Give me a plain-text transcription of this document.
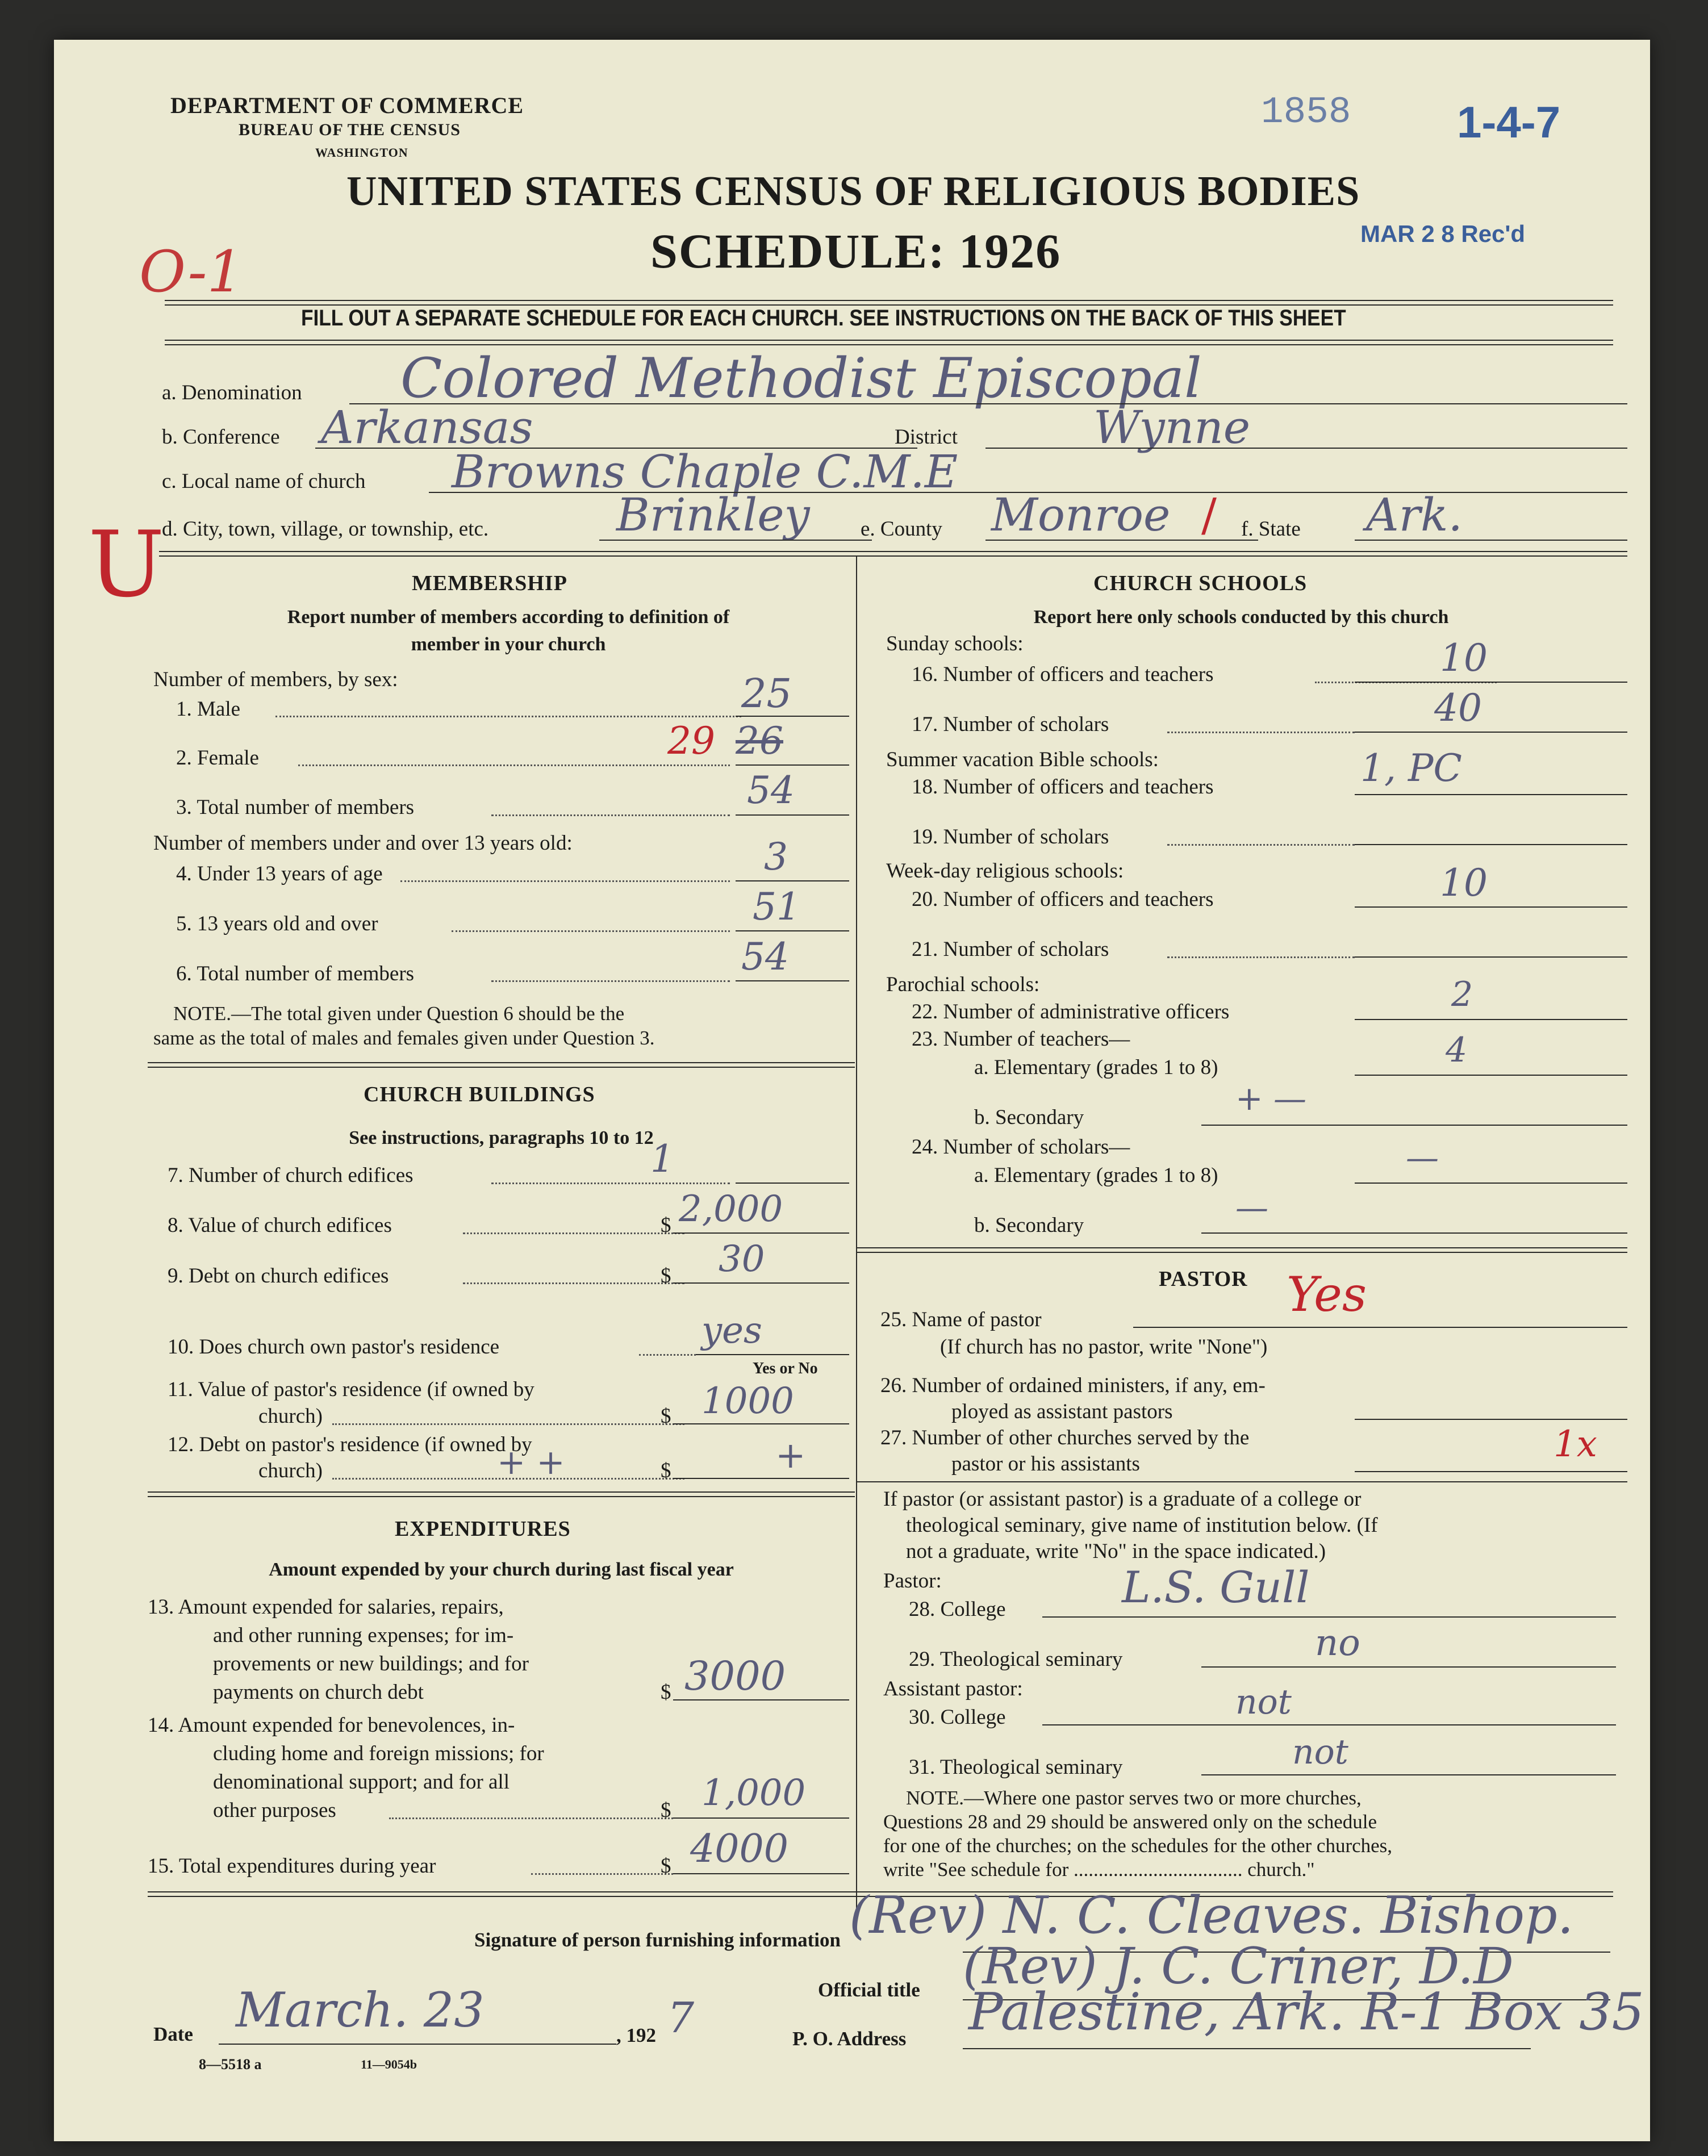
DEPARTMENT OF COMMERCE
BUREAU OF THE CENSUS
WASHINGTON
1858 1-4-7
UNITED STATES CENSUS OF RELIGIOUS BODIES
SCHEDULE: 1926	MAR 2 8 Rec'd
O-1
U
FILL OUT A SEPARATE SCHEDULE FOR EACH CHURCH. SEE INSTRUCTIONS ON THE BACK OF THIS SHEET
a. Denomination Colored Methodist Episcopal
b. Conference Arkansas	District	Wynne
c. Local name of church Browns Chaple C.M.E
d. City, town, village, or township, etc.	Brinkley e. County Monroe / f. State Ark.
MEMBERSHIP
Report number of members according to definition of
member in your church
Number of members, by sex:
1. Male	25
2. Female	29 26
3. Total number of members	54
Number of members under and over 13 years old:
4. Under 13 years of age	3
5. 13 years old and over	51
6. Total number of members	54
NOTE.—The total given under Question 6 should be the
same as the total of males and females given under Question 3.
CHURCH BUILDINGS
See instructions, paragraphs 10 to 12
7. Number of church edifices	1
8. Value of church edifices	$ 2,000
9. Debt on church edifices	$ 30
10. Does church own pastor's residence	yes
Yes or No
11. Value of pastor's residence (if owned by
church)	$ 1000
12. Debt on pastor's residence (if owned by
church)	+ +	$	+
EXPENDITURES
Amount expended by your church during last fiscal year
13. Amount expended for salaries, repairs,
and other running expenses; for im-
provements or new buildings; and for
payments on church debt	$ 3000
14. Amount expended for benevolences, in-
cluding home and foreign missions; for
denominational support; and for all
other purposes	$ 1,000
15. Total expenditures during year	$ 4000
CHURCH SCHOOLS
Report here only schools conducted by this church
Sunday schools:
16. Number of officers and teachers	10
17. Number of scholars	40
Summer vacation Bible schools:
18. Number of officers and teachers	1, PC
19. Number of scholars
Week-day religious schools:
20. Number of officers and teachers	10
21. Number of scholars
Parochial schools:
22. Number of administrative officers	2
23. Number of teachers—
a. Elementary (grades 1 to 8)	4
b. Secondary	+ —
24. Number of scholars—
a. Elementary (grades 1 to 8)	—
b. Secondary	—
PASTOR
25. Name of pastor	Yes
(If church has no pastor, write "None")
26. Number of ordained ministers, if any, em-
ployed as assistant pastors
27. Number of other churches served by the
pastor or his assistants	1x
If pastor (or assistant pastor) is a graduate of a college or
theological seminary, give name of institution below. (If
not a graduate, write "No" in the space indicated.)
Pastor:
28. College	L.S. Gull
29. Theological seminary	no
Assistant pastor:
30. College	not
31. Theological seminary	not
NOTE.—Where one pastor serves two or more churches,
Questions 28 and 29 should be answered only on the schedule
for one of the churches; on the schedules for the other churches,
write "See schedule for .................................. church."
Signature of person furnishing information (Rev) N. C. Cleaves. Bishop.
Official title (Rev) J. C. Criner, D.D
Date March. 23	, 192 7	P. O. Address Palestine, Ark. R-1 Box 35
8—5518 a	11—9054b
